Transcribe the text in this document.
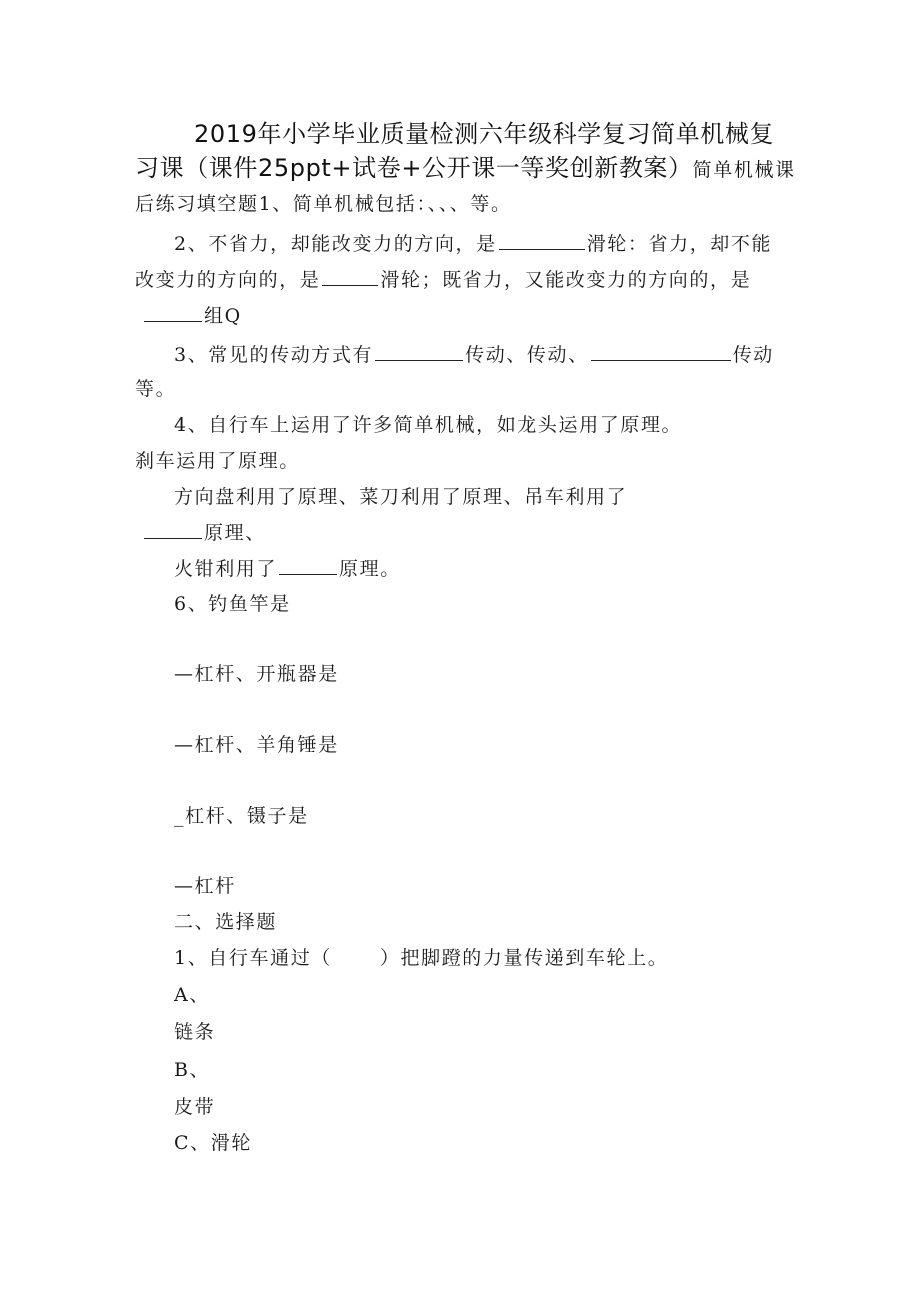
2019年小学毕业质量检测六年级科学复习简单机械复
习课（课件25ppt+试卷+公开课一等奖创新教案）简单机械课
后练习填空题1、简单机械包括：、、、等。
2、不省力，却能改变力的方向，是	滑轮：省力，却不能
改变力的方向的，是	滑轮；既省力，又能改变力的方向的，是
组Q
3、常见的传动方式有	传动、传动、	传动
等。
4、自行车上运用了许多简单机械，如龙头运用了原理。
刹车运用了原理。
方向盘利用了原理、菜刀利用了原理、吊车利用了
原理、
火钳利用了	原理。
6、钓鱼竿是
—杠杆、开瓶器是
—杠杆、羊角锤是
_杠杆、镊子是
—杠杆
二、选择题
1、自行车通过（	）把脚蹬的力量传递到车轮上。
A、
链条
B、
皮带
C、滑轮
